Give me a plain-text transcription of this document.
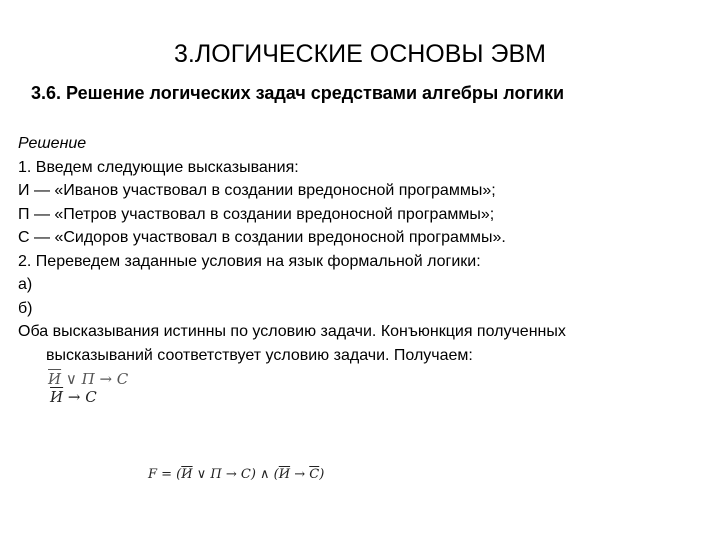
3.ЛОГИЧЕСКИЕ ОСНОВЫ ЭВМ
3.6. Решение логических задач средствами алгебры логики
Решение
1. Введем следующие высказывания:
И — «Иванов участвовал в создании вредоносной программы»;
П — «Петров участвовал в создании вредоносной программы»;
С — «Сидоров участвовал в создании вредоносной программы».
2. Переведем заданные условия на язык формальной логики:
а)
б)
Оба высказывания истинны по условию задачи. Конъюнкция полученных
высказываний соответствует условию задачи. Получаем:
И ∨ П → С
И → С
F = (И ∨ П → С) ∧ (И → С)
